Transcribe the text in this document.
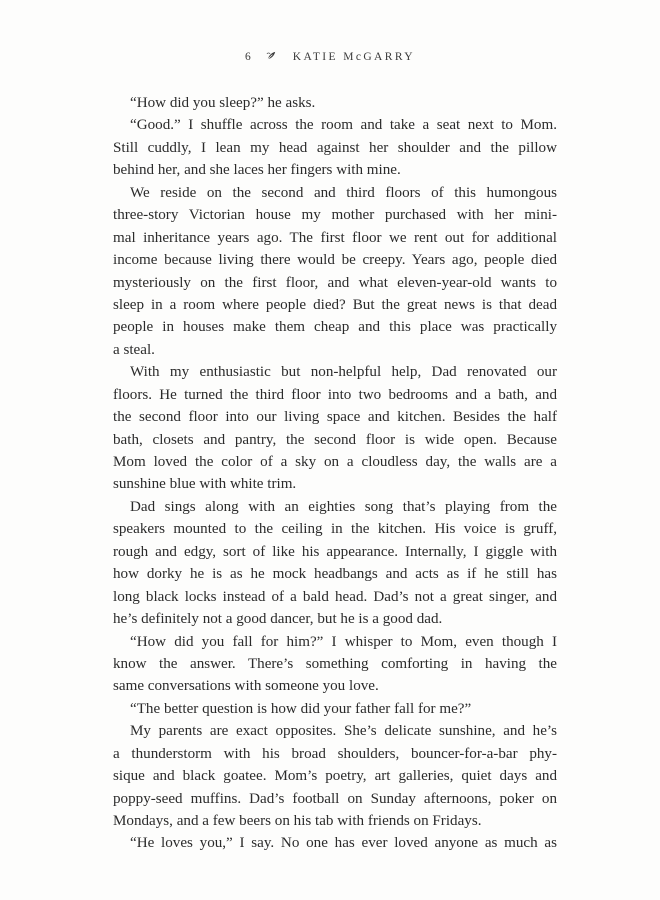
6	KATIE McGARRY
“How did you sleep?” he asks.
“Good.” I shuffle across the room and take a seat next to Mom.
Still cuddly, I lean my head against her shoulder and the pillow
behind her, and she laces her fingers with mine.
We reside on the second and third floors of this humongous
three-story Victorian house my mother purchased with her mini-
mal inheritance years ago. The first floor we rent out for additional
income because living there would be creepy. Years ago, people died
mysteriously on the first floor, and what eleven-year-old wants to
sleep in a room where people died? But the great news is that dead
people in houses make them cheap and this place was practically
a steal.
With my enthusiastic but non-helpful help, Dad renovated our
floors. He turned the third floor into two bedrooms and a bath, and
the second floor into our living space and kitchen. Besides the half
bath, closets and pantry, the second floor is wide open. Because
Mom loved the color of a sky on a cloudless day, the walls are a
sunshine blue with white trim.
Dad sings along with an eighties song that’s playing from the
speakers mounted to the ceiling in the kitchen. His voice is gruff,
rough and edgy, sort of like his appearance. Internally, I giggle with
how dorky he is as he mock headbangs and acts as if he still has
long black locks instead of a bald head. Dad’s not a great singer, and
he’s definitely not a good dancer, but he is a good dad.
“How did you fall for him?” I whisper to Mom, even though I
know the answer. There’s something comforting in having the
same conversations with someone you love.
“The better question is how did your father fall for me?”
My parents are exact opposites. She’s delicate sunshine, and he’s
a thunderstorm with his broad shoulders, bouncer-for-a-bar phy-
sique and black goatee. Mom’s poetry, art galleries, quiet days and
poppy-seed muffins. Dad’s football on Sunday afternoons, poker on
Mondays, and a few beers on his tab with friends on Fridays.
“He loves you,” I say. No one has ever loved anyone as much as
